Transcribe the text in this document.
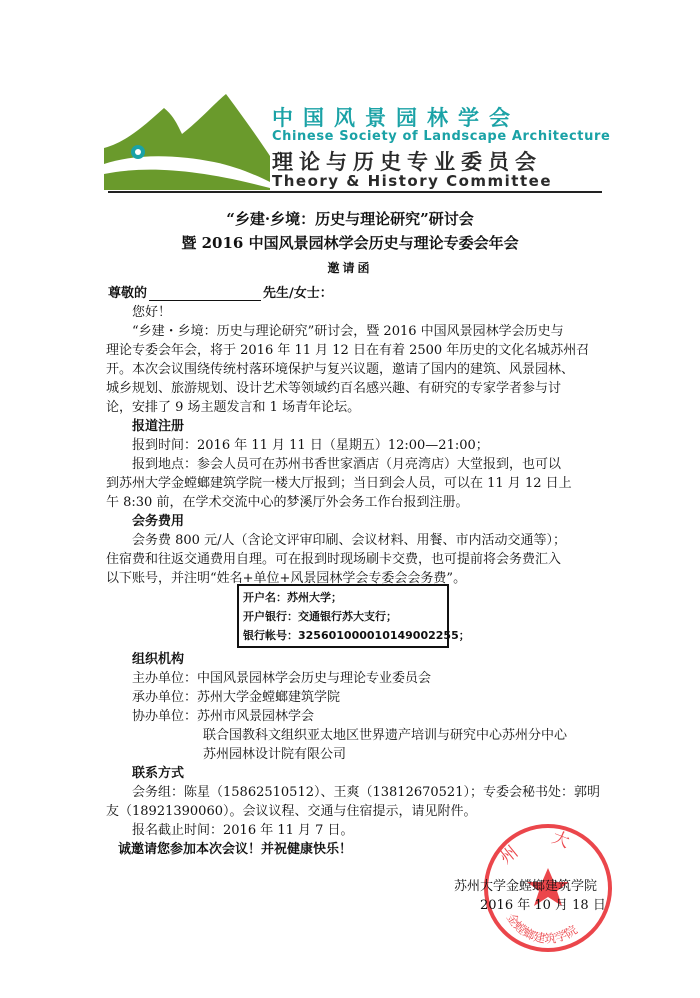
中国风景园林学会
Chinese Society of Landscape Architecture
理论与历史专业委员会
Theory & History Committee
“乡建·乡境：历史与理论研究”研讨会
暨 2016 中国风景园林学会历史与理论专委会年会
邀请函
尊敬的	先生/女士：
您好！
“乡建・乡境：历史与理论研究”研讨会，暨 2016 中国风景园林学会历史与
理论专委会年会，将于 2016 年 11 月 12 日在有着 2500 年历史的文化名城苏州召
开。本次会议围绕传统村落环境保护与复兴议题，邀请了国内的建筑、风景园林、
城乡规划、旅游规划、设计艺术等领域约百名感兴趣、有研究的专家学者参与讨
论，安排了 9 场主题发言和 1 场青年论坛。
报道注册
报到时间：2016 年 11 月 11 日（星期五）12:00—21:00；
报到地点：参会人员可在苏州书香世家酒店（月亮湾店）大堂报到，也可以
到苏州大学金螳螂建筑学院一楼大厅报到；当日到会人员，可以在 11 月 12 日上
午 8:30 前，在学术交流中心的梦溪厅外会务工作台报到注册。
会务费用
会务费 800 元/人（含论文评审印刷、会议材料、用餐、市内活动交通等）；
住宿费和往返交通费用自理。可在报到时现场刷卡交费，也可提前将会务费汇入
以下账号，并注明“姓名+单位+风景园林学会专委会会务费”。
开户名：苏州大学；
开户银行：交通银行苏大支行；
银行帐号：325601000010149002255；
组织机构
主办单位：中国风景园林学会历史与理论专业委员会
承办单位：苏州大学金螳螂建筑学院
协办单位：苏州市风景园林学会
联合国教科文组织亚太地区世界遗产培训与研究中心苏州分中心
苏州园林设计院有限公司
联系方式
会务组：陈星（15862510512）、王爽（13812670521）；专委会秘书处：郭明
友（18921390060）。会议议程、交通与住宿提示，请见附件。
报名截止时间：2016 年 11 月 7 日。
诚邀请您参加本次会议！并祝健康快乐！	州 大
金螳螂建筑学院
苏州大学金螳螂建筑学院
2016 年 10 月 18 日
